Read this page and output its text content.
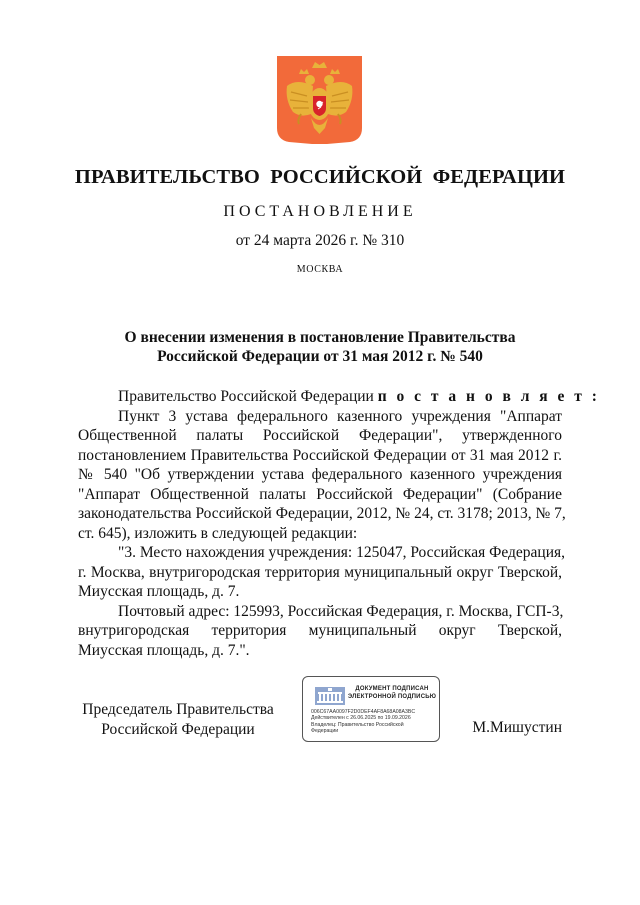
ПРАВИТЕЛЬСТВО РОССИЙСКОЙ ФЕДЕРАЦИИ
ПОСТАНОВЛЕНИЕ
от 24 марта 2026 г. № 310
МОСКВА
О внесении изменения в постановление Правительства
Российской Федерации от 31 мая 2012 г. № 540
Правительство Российской Федерации п о с т а н о в л я е т :
Пункт 3 устава федерального казенного учреждения "Аппарат
Общественной палаты Российской Федерации", утвержденного
постановлением Правительства Российской Федерации от 31 мая 2012 г.
№ 540 "Об утверждении устава федерального казенного учреждения
"Аппарат Общественной палаты Российской Федерации" (Собрание
законодательства Российской Федерации, 2012, № 24, ст. 3178; 2013, № 7,
ст. 645), изложить в следующей редакции:
"3. Место нахождения учреждения: 125047, Российская Федерация,
г. Москва, внутригородская территория муниципальный округ Тверской,
Миусская площадь, д. 7.
Почтовый адрес: 125993, Российская Федерация, г. Москва, ГСП-3,
внутригородская территория муниципальный округ Тверской,
Миусская площадь, д. 7.".
Председатель Правительства
Российской Федерации
ДОКУМЕНТ ПОДПИСАН
ЭЛЕКТРОННОЙ ПОДПИСЬЮ
006C67AA0097F2D0DEF4AF8A68A08A3BC
Действителен с 26.06.2025 по 19.09.2026
Владелец: Правительство Российской
Федерации	М.Мишустин
